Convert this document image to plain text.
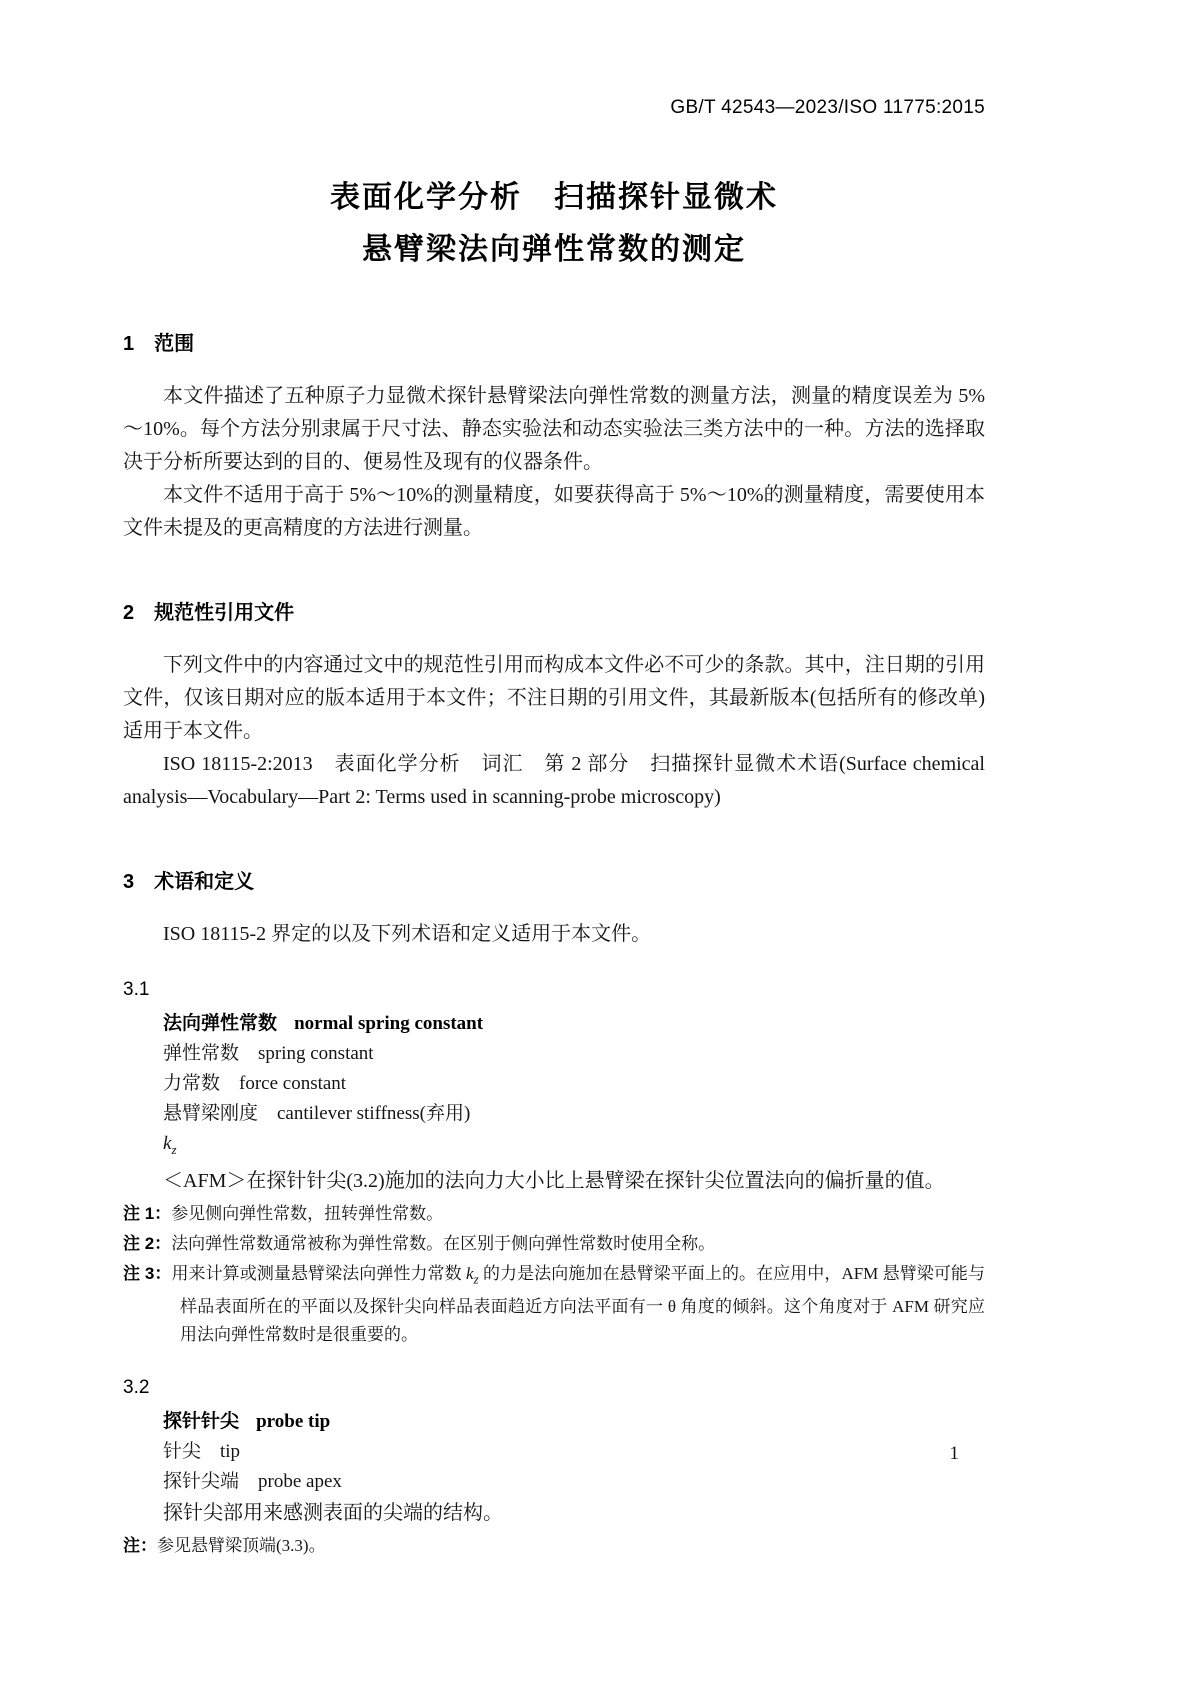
GB/T 42543—2023/ISO 11775:2015
表面化学分析　扫描探针显微术
悬臂梁法向弹性常数的测定
1　范围

本文件描述了五种原子力显微术探针悬臂梁法向弹性常数的测量方法，测量的精度误差为 5%～10%。每个方法分别隶属于尺寸法、静态实验法和动态实验法三类方法中的一种。方法的选择取决于分析所要达到的目的、便易性及现有的仪器条件。

本文件不适用于高于 5%～10%的测量精度，如要获得高于 5%～10%的测量精度，需要使用本文件未提及的更高精度的方法进行测量。

2　规范性引用文件

下列文件中的内容通过文中的规范性引用而构成本文件必不可少的条款。其中，注日期的引用文件，仅该日期对应的版本适用于本文件；不注日期的引用文件，其最新版本(包括所有的修改单)适用于本文件。

ISO 18115-2:2013　表面化学分析　词汇　第 2 部分　扫描探针显微术术语(Surface chemical analysis—Vocabulary—Part 2: Terms used in scanning-probe microscopy)

3　术语和定义

ISO 18115-2 界定的以及下列术语和定义适用于本文件。

3.1
法向弹性常数 normal spring constant
弹性常数　spring constant
力常数　force constant
悬臂梁刚度　cantilever stiffness(弃用)
$k_z$

＜AFM＞在探针针尖(3.2)施加的法向力大小比上悬臂梁在探针尖位置法向的偏折量的值。

注 1：参见侧向弹性常数，扭转弹性常数。
注 2：法向弹性常数通常被称为弹性常数。在区别于侧向弹性常数时使用全称。
注 3：用来计算或测量悬臂梁法向弹性力常数 $k_z$ 的力是法向施加在悬臂梁平面上的。在应用中，AFM 悬臂梁可能与样品表面所在的平面以及探针尖向样品表面趋近方向法平面有一 θ 角度的倾斜。这个角度对于 AFM 研究应用法向弹性常数时是很重要的。
3.2
探针针尖 probe tip
针尖　tip
探针尖端　probe apex

探针尖部用来感测表面的尖端的结构。

注：参见悬臂梁顶端(3.3)。
1
